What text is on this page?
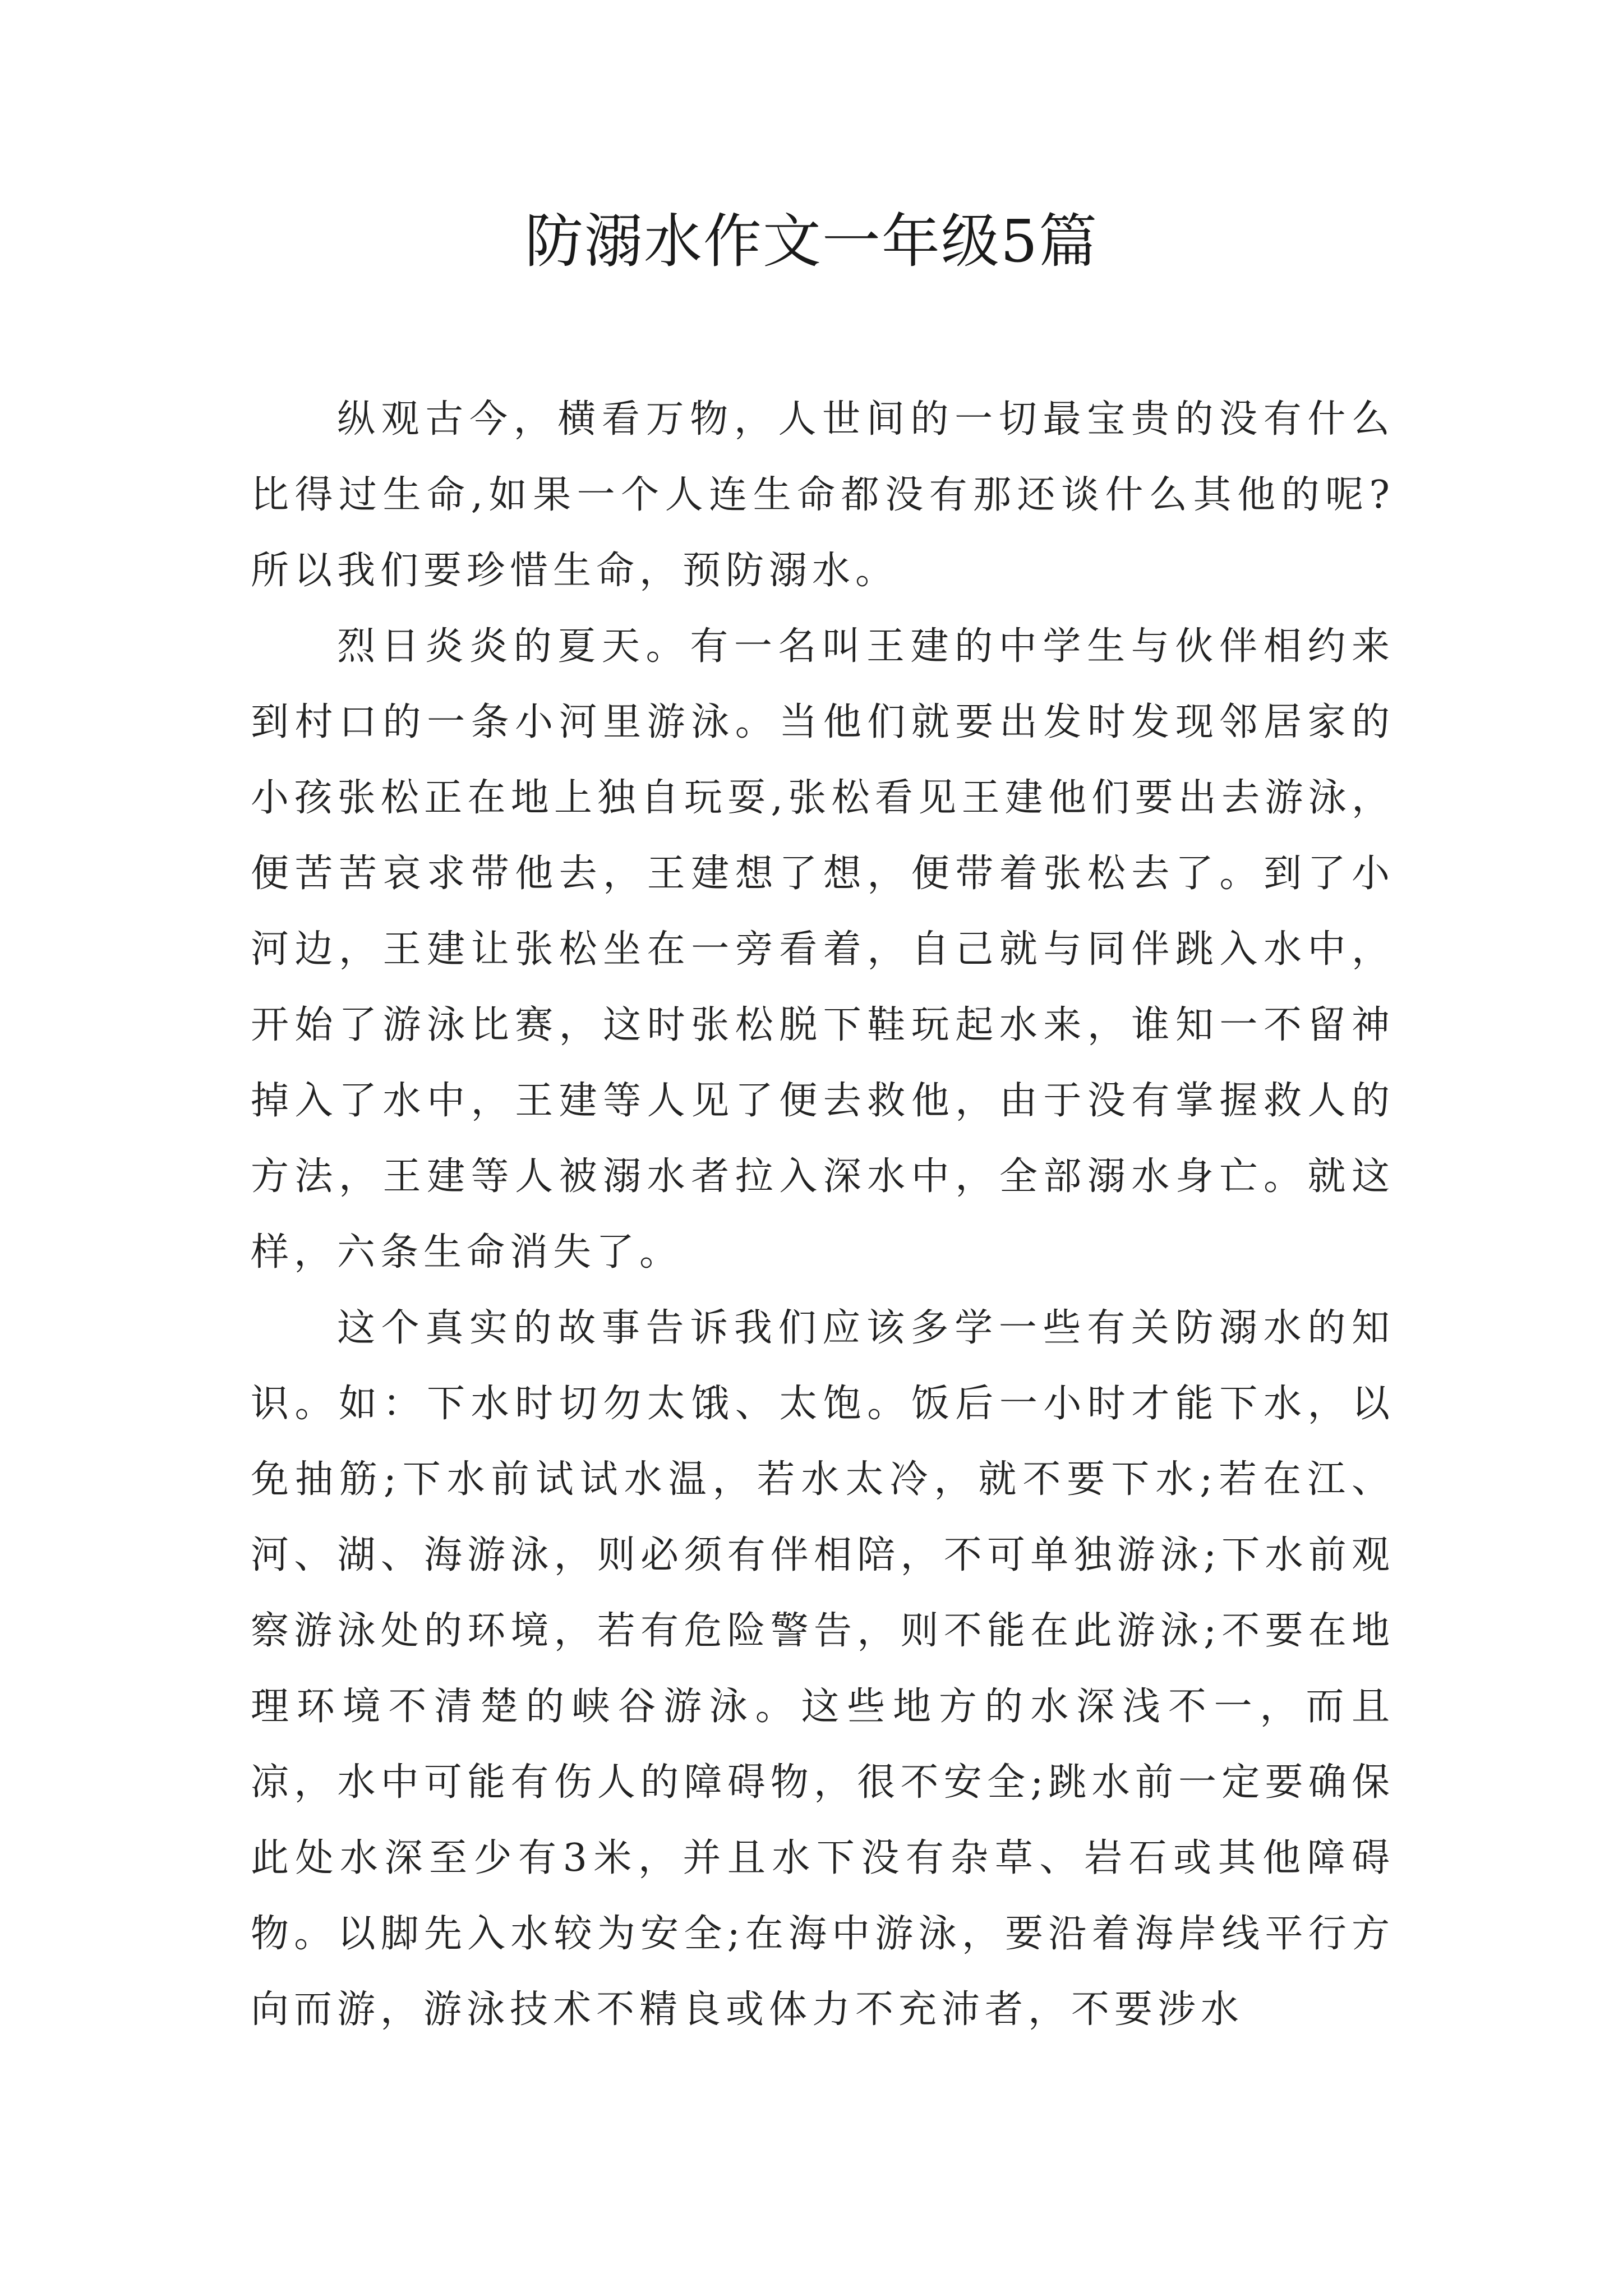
防溺水作文一年级5篇

纵观古今，横看万物，人世间的一切最宝贵的没有什么比得过生命,如果一个人连生命都没有那还谈什么其他的呢?所以我们要珍惜生命，预防溺水。

烈日炎炎的夏天。有一名叫王建的中学生与伙伴相约来到村口的一条小河里游泳。当他们就要出发时发现邻居家的小孩张松正在地上独自玩耍,张松看见王建他们要出去游泳，便苦苦哀求带他去，王建想了想，便带着张松去了。到了小河边，王建让张松坐在一旁看着，自己就与同伴跳入水中，开始了游泳比赛，这时张松脱下鞋玩起水来，谁知一不留神掉入了水中，王建等人见了便去救他，由于没有掌握救人的方法，王建等人被溺水者拉入深水中，全部溺水身亡。就这样，六条生命消失了。

这个真实的故事告诉我们应该多学一些有关防溺水的知识。如：下水时切勿太饿、太饱。饭后一小时才能下水，以免抽筋;下水前试试水温，若水太冷，就不要下水;若在江、河、湖、海游泳，则必须有伴相陪，不可单独游泳;下水前观察游泳处的环境，若有危险警告，则不能在此游泳;不要在地理环境不清楚的峡谷游泳。这些地方的水深浅不一，而且凉，水中可能有伤人的障碍物，很不安全;跳水前一定要确保此处水深至少有3米，并且水下没有杂草、岩石或其他障碍物。以脚先入水较为安全;在海中游泳，要沿着海岸线平行方向而游，游泳技术不精良或体力不充沛者，不要涉水
